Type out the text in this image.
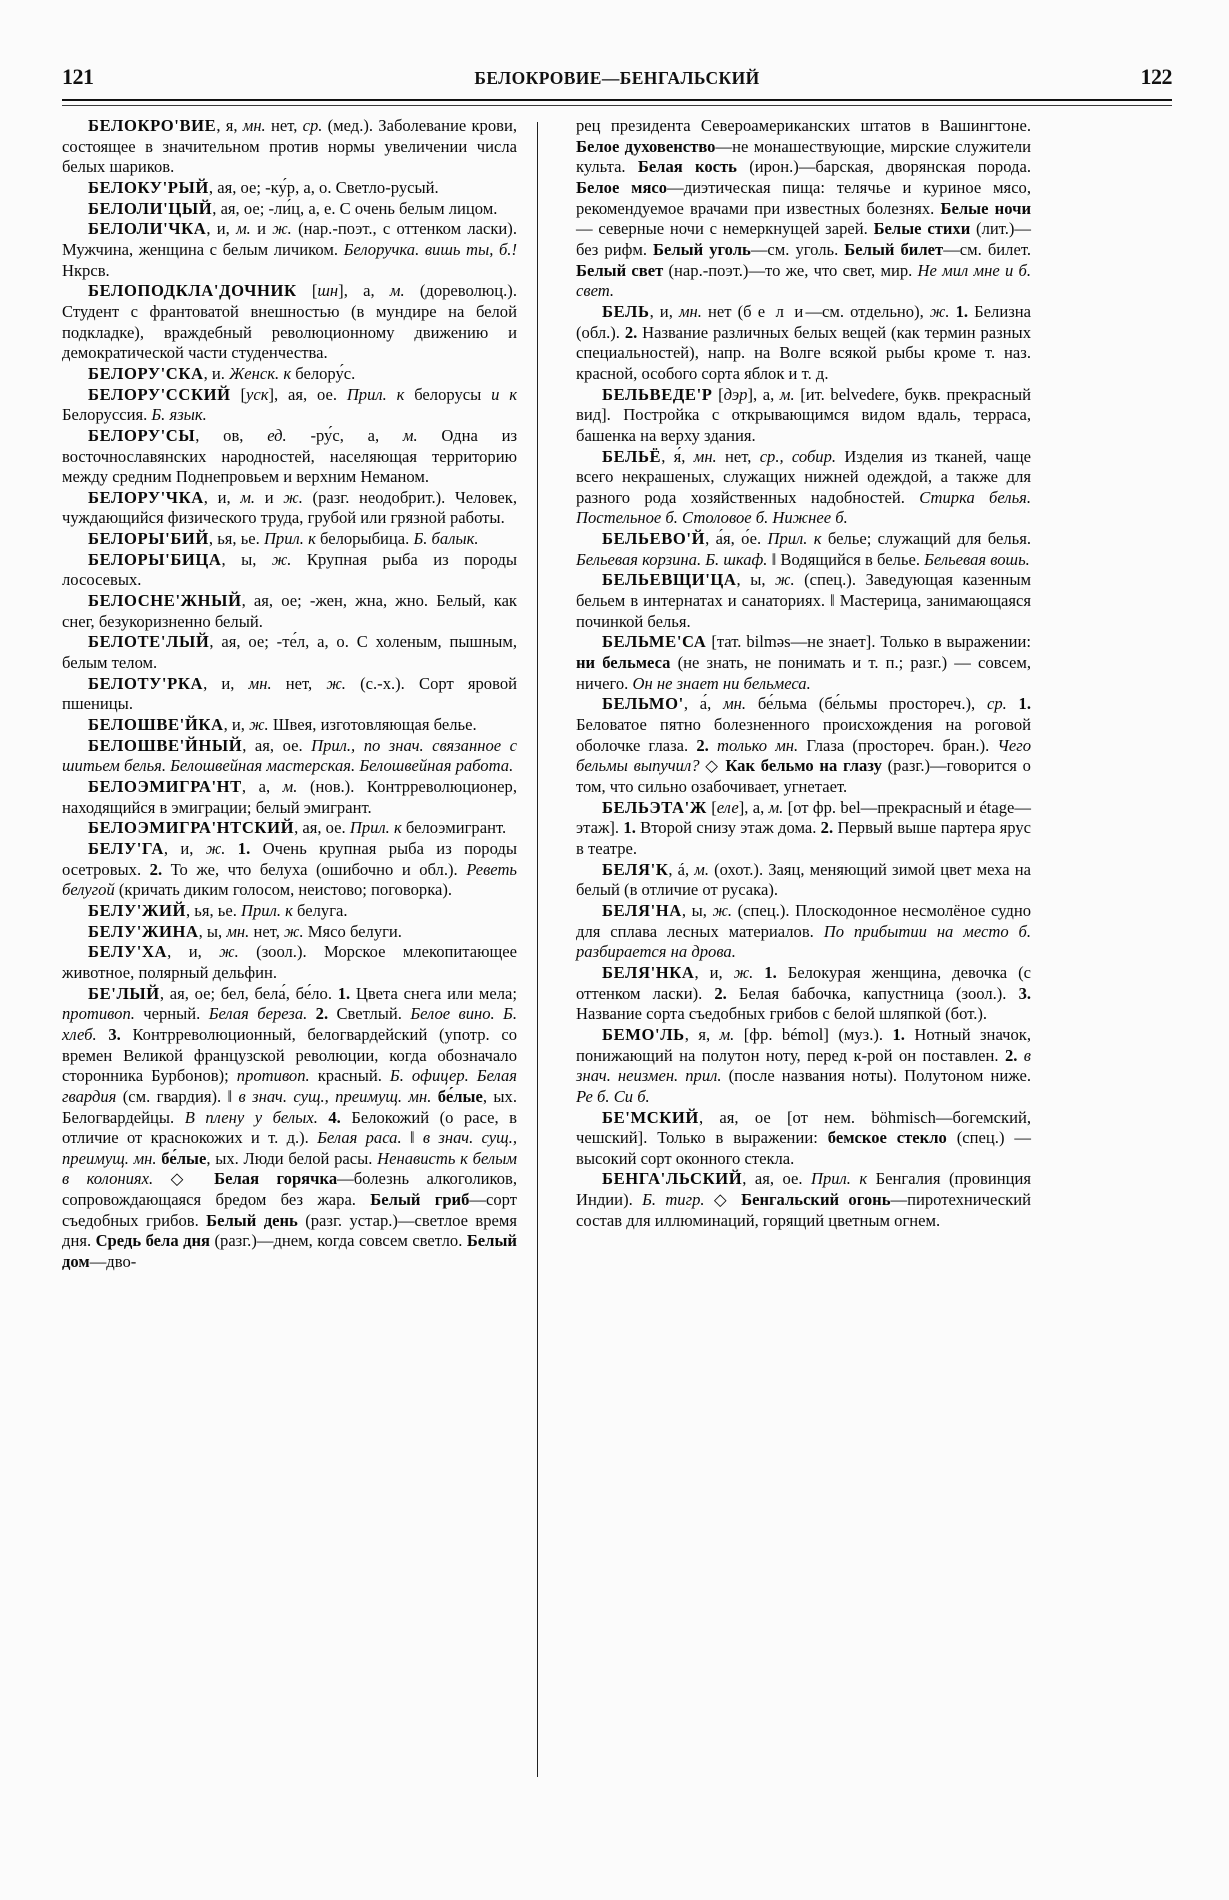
121	БЕЛОКРОВИЕ—БЕНГАЛЬСКИЙ	122

БЕЛОКРО'ВИЕ, я, мн. нет, ср. (мед.). Заболевание крови, состоящее в значительном против нормы увеличении числа белых шариков.

БЕЛОКУ'РЫЙ, ая, ое; -ку́р, а, о. Светло-русый.

БЕЛОЛИ'ЦЫЙ, ая, ое; -ли́ц, а, е. С очень белым лицом.

БЕЛОЛИ'ЧКА, и, м. и ж. (нар.-поэт., с оттенком ласки). Мужчина, женщина с белым личиком. Белоручка. вишь ты, б.! Нкрсв.

БЕЛОПОДКЛА'ДОЧНИК [шн], а, м. (дореволюц.). Студент с франтоватой внешностью (в мундире на белой подкладке), враждебный революционному движению и демократической части студенчества.

БЕЛОРУ'СКА, и. Женск. к белору́с.

БЕЛОРУ'ССКИЙ [уск], ая, ое. Прил. к белорусы и к Белоруссия. Б. язык.

БЕЛОРУ'СЫ, ов, ед. -ру́с, а, м. Одна из восточнославянских народностей, населяющая территорию между средним Поднепровьем и верхним Неманом.

БЕЛОРУ'ЧКА, и, м. и ж. (разг. неодобрит.). Человек, чуждающийся физического труда, грубой или грязной работы.

БЕЛОРЫ'БИЙ, ья, ье. Прил. к белорыбица. Б. балык.

БЕЛОРЫ'БИЦА, ы, ж. Крупная рыба из породы лососевых.

БЕЛОСНЕ'ЖНЫЙ, ая, ое; -жен, жна, жно. Белый, как снег, безукоризненно белый.

БЕЛОТЕ'ЛЫЙ, ая, ое; -те́л, а, о. С холеным, пышным, белым телом.

БЕЛОТУ'РКА, и, мн. нет, ж. (с.-х.). Сорт яровой пшеницы.

БЕЛОШВЕ'ЙКА, и, ж. Швея, изготовляющая белье.

БЕЛОШВЕ'ЙНЫЙ, ая, ое. Прил., по знач. связанное с шитьем белья. Белошвейная мастерская. Белошвейная работа.

БЕЛОЭМИГРА'НТ, а, м. (нов.). Контрреволюционер, находящийся в эмиграции; белый эмигрант.

БЕЛОЭМИГРА'НТСКИЙ, ая, ое. Прил. к белоэмигрант.

БЕЛУ'ГА, и, ж. 1. Очень крупная рыба из породы осетровых. 2. То же, что белуха (ошибочно и обл.). Реветь белугой (кричать диким голосом, неистово; поговорка).

БЕЛУ'ЖИЙ, ья, ье. Прил. к белуга.

БЕЛУ'ЖИНА, ы, мн. нет, ж. Мясо белуги.

БЕЛУ'ХА, и, ж. (зоол.). Морское млекопитающее животное, полярный дельфин.

БЕ'ЛЫЙ, ая, ое; бел, бела́, бе́ло. 1. Цвета снега или мела; противоп. черный. Белая береза. 2. Светлый. Белое вино. Б. хлеб. 3. Контрреволюционный, белогвардейский (употр. со времен Великой французской революции, когда обозначало сторонника Бурбонов); противоп. красный. Б. офицер. Белая гвардия (см. гвардия). ‖ в знач. сущ., преимущ. мн. бе́лые, ых. Белогвардейцы. В плену у белых. 4. Белокожий (о расе, в отличие от краснокожих и т. д.). Белая раса. ‖ в знач. сущ., преимущ. мн. бе́лые, ых. Люди белой расы. Ненависть к белым в колониях. ◇ Белая горячка—болезнь алкоголиков, сопровождающаяся бредом без жара. Белый гриб—сорт съедобных грибов. Белый день (разг. устар.)—светлое время дня. Средь бела дня (разг.)—днем, когда совсем светло. Белый дом—дво-

рец президента Североамериканских штатов в Вашингтоне. Белое духовенство—не монашествующие, мирские служители культа. Белая кость (ирон.)—барская, дворянская порода. Белое мясо—диэтическая пища: телячье и куриное мясо, рекомендуемое врачами при известных болезнях. Белые ночи — северные ночи с немеркнущей зарей. Белые стихи (лит.)—без рифм. Белый уголь—см. уголь. Белый билет—см. билет. Белый свет (нар.-поэт.)—то же, что свет, мир. Не мил мне и б. свет.

БЕЛЬ, и, мн. нет (б е л и—см. отдельно), ж. 1. Белизна (обл.). 2. Название различных белых вещей (как термин разных специальностей), напр. на Волге всякой рыбы кроме т. наз. красной, особого сорта яблок и т. д.

БЕЛЬВЕДЕ'Р [дэр], а, м. [ит. belvedere, букв. прекрасный вид]. Постройка с открывающимся видом вдаль, терраса, башенка на верху здания.

БЕЛЬЁ, я́, мн. нет, ср., собир. Изделия из тканей, чаще всего некрашеных, служащих нижней одеждой, а также для разного рода хозяйственных надобностей. Стирка белья. Постельное б. Столовое б. Нижнее б.

БЕЛЬЕВО'Й, а́я, о́е. Прил. к белье; служащий для белья. Бельевая корзина. Б. шкаф. ‖ Водящийся в белье. Бельевая вошь.

БЕЛЬЕВЩИ'ЦА, ы, ж. (спец.). Заведующая казенным бельем в интернатах и санаториях. ‖ Мастерица, занимающаяся починкой белья.

БЕЛЬМЕ'СА [тат. bilməs—не знает]. Только в выражении: ни бельмеса (не знать, не понимать и т. п.; разг.) — совсем, ничего. Он не знает ни бельмеса.

БЕЛЬМО', а́, мн. бе́льма (бе́льмы простореч.), ср. 1. Беловатое пятно болезненного происхождения на роговой оболочке глаза. 2. только мн. Глаза (простореч. бран.). Чего бельмы выпучил? ◇ Как бельмо на глазу (разг.)—говорится о том, что сильно озабочивает, угнетает.

БЕЛЬЭТА'Ж [еле], а, м. [от фр. bel—прекрасный и étage—этаж]. 1. Второй снизу этаж дома. 2. Первый выше партера ярус в театре.

БЕЛЯ'К, á, м. (охот.). Заяц, меняющий зимой цвет меха на белый (в отличие от русака).

БЕЛЯ'НА, ы, ж. (спец.). Плоскодонное несмолёное судно для сплава лесных материалов. По прибытии на место б. разбирается на дрова.

БЕЛЯ'НКА, и, ж. 1. Белокурая женщина, девочка (с оттенком ласки). 2. Белая бабочка, капустница (зоол.). 3. Название сорта съедобных грибов с белой шляпкой (бот.).

БЕМО'ЛЬ, я, м. [фр. bémol] (муз.). 1. Нотный значок, понижающий на полутон ноту, перед к-рой он поставлен. 2. в знач. неизмен. прил. (после названия ноты). Полутоном ниже. Ре б. Си б.

БЕ'МСКИЙ, ая, ое [от нем. böhmisch—богемский, чешский]. Только в выражении: бемское стекло (спец.) — высокий сорт оконного стекла.

БЕНГА'ЛЬСКИЙ, ая, ое. Прил. к Бенгалия (провинция Индии). Б. тигр. ◇ Бенгальский огонь—пиротехнический состав для иллюминаций, горящий цветным огнем.
